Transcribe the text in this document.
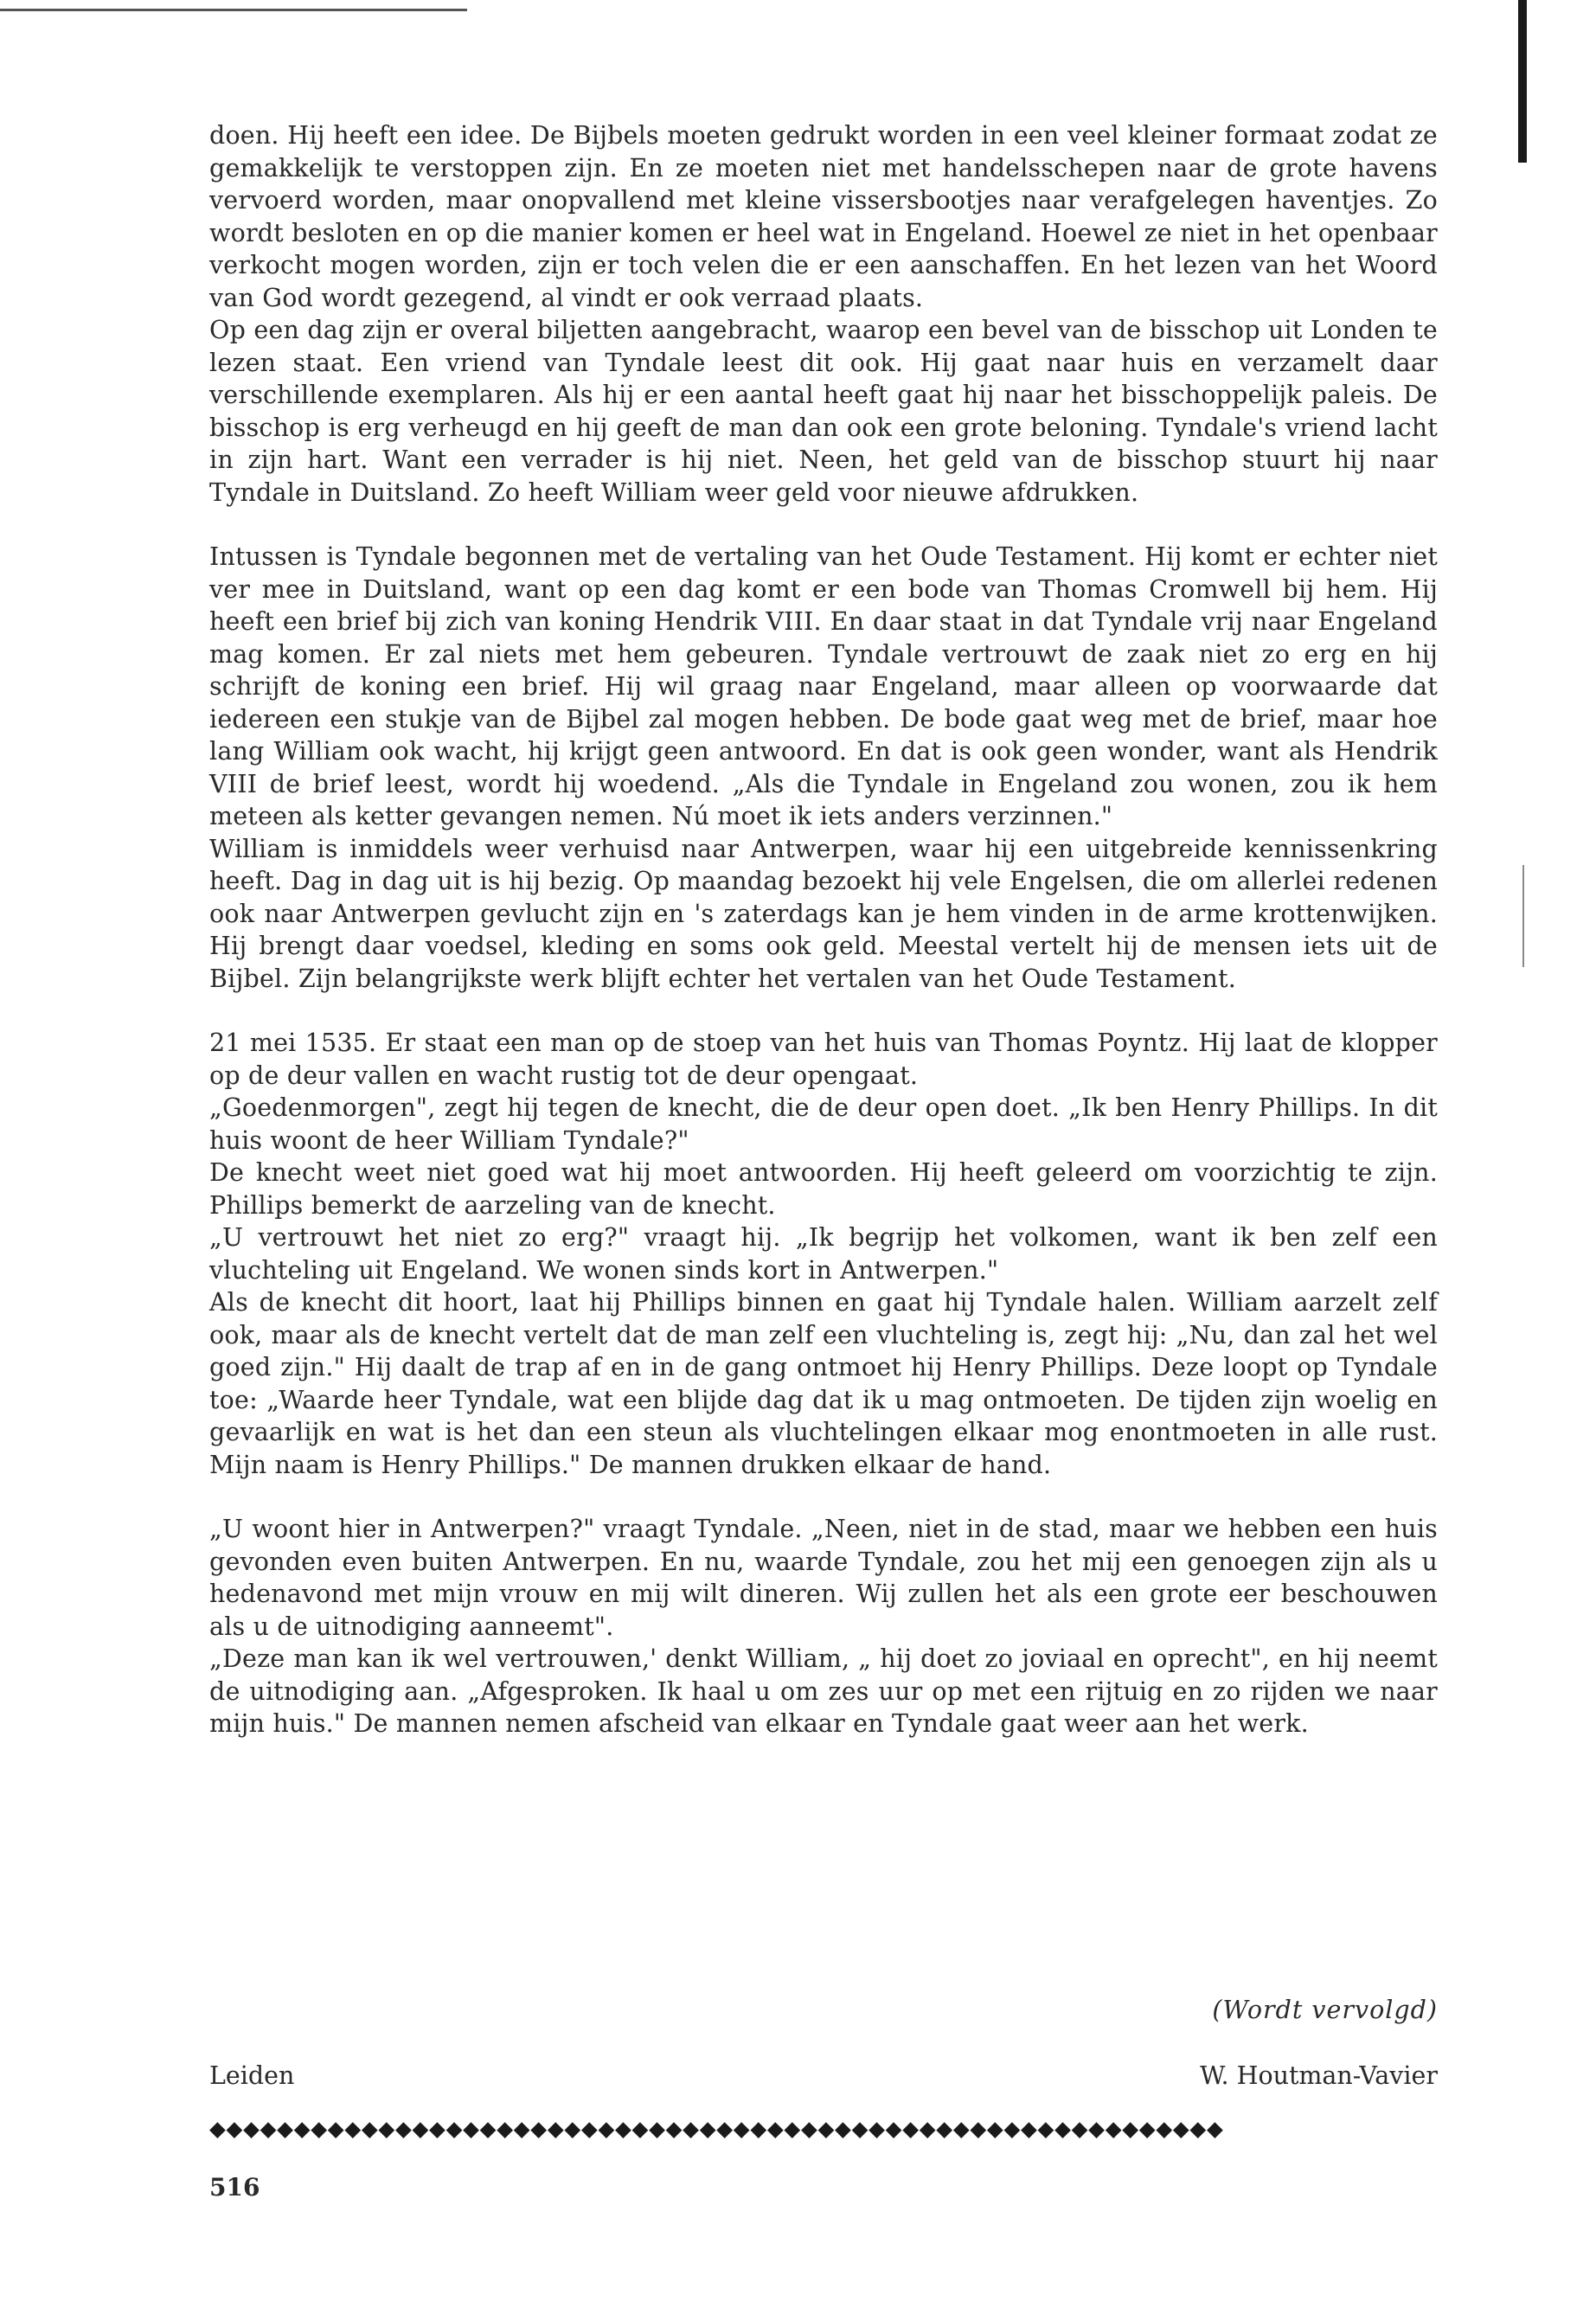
doen. Hij heeft een idee. De Bijbels moeten gedrukt worden in een veel kleiner formaat zodat ze gemakkelijk te verstoppen zijn. En ze moeten niet met handelsschepen naar de grote havens vervoerd worden, maar onopvallend met kleine vissersbootjes naar verafgelegen haventjes. Zo wordt besloten en op die manier komen er heel wat in Engeland. Hoewel ze niet in het openbaar verkocht mogen worden, zijn er toch velen die er een aanschaffen. En het lezen van het Woord van God wordt gezegend, al vindt er ook verraad plaats.

Op een dag zijn er overal biljetten aangebracht, waarop een bevel van de bisschop uit Londen te lezen staat. Een vriend van Tyndale leest dit ook. Hij gaat naar huis en verzamelt daar verschillende exemplaren. Als hij er een aantal heeft gaat hij naar het bisschoppelijk paleis. De bisschop is erg verheugd en hij geeft de man dan ook een grote beloning. Tyndale's vriend lacht in zijn hart. Want een verrader is hij niet. Neen, het geld van de bisschop stuurt hij naar Tyndale in Duitsland. Zo heeft William weer geld voor nieuwe afdrukken.

Intussen is Tyndale begonnen met de vertaling van het Oude Testament. Hij komt er echter niet ver mee in Duitsland, want op een dag komt er een bode van Thomas Cromwell bij hem. Hij heeft een brief bij zich van koning Hendrik VIII. En daar staat in dat Tyndale vrij naar Engeland mag komen. Er zal niets met hem gebeuren. Tyndale vertrouwt de zaak niet zo erg en hij schrijft de koning een brief. Hij wil graag naar Engeland, maar alleen op voorwaarde dat iedereen een stukje van de Bijbel zal mogen hebben. De bode gaat weg met de brief, maar hoe lang William ook wacht, hij krijgt geen antwoord. En dat is ook geen wonder, want als Hendrik VIII de brief leest, wordt hij woedend. „Als die Tyndale in Engeland zou wonen, zou ik hem meteen als ketter gevangen nemen. Nú moet ik iets anders verzinnen."

William is inmiddels weer verhuisd naar Antwerpen, waar hij een uitgebreide kennissenkring heeft. Dag in dag uit is hij bezig. Op maandag bezoekt hij vele Engelsen, die om allerlei redenen ook naar Antwerpen gevlucht zijn en 's zaterdags kan je hem vinden in de arme krottenwijken. Hij brengt daar voedsel, kleding en soms ook geld. Meestal vertelt hij de mensen iets uit de Bijbel. Zijn belangrijkste werk blijft echter het vertalen van het Oude Testament.

21 mei 1535. Er staat een man op de stoep van het huis van Thomas Poyntz. Hij laat de klopper op de deur vallen en wacht rustig tot de deur opengaat.

„Goedenmorgen", zegt hij tegen de knecht, die de deur open doet. „Ik ben Henry Phillips. In dit huis woont de heer William Tyndale?"

De knecht weet niet goed wat hij moet antwoorden. Hij heeft geleerd om voorzichtig te zijn. Phillips bemerkt de aarzeling van de knecht.

„U vertrouwt het niet zo erg?" vraagt hij. „Ik begrijp het volkomen, want ik ben zelf een vluchteling uit Engeland. We wonen sinds kort in Antwerpen."

Als de knecht dit hoort, laat hij Phillips binnen en gaat hij Tyndale halen. William aarzelt zelf ook, maar als de knecht vertelt dat de man zelf een vluchteling is, zegt hij: „Nu, dan zal het wel goed zijn." Hij daalt de trap af en in de gang ontmoet hij Henry Phillips. Deze loopt op Tyndale toe: „Waarde heer Tyndale, wat een blijde dag dat ik u mag ontmoeten. De tijden zijn woelig en gevaarlijk en wat is het dan een steun als vluchtelingen elkaar mog enontmoeten in alle rust. Mijn naam is Henry Phillips." De mannen drukken elkaar de hand.

„U woont hier in Antwerpen?" vraagt Tyndale. „Neen, niet in de stad, maar we hebben een huis gevonden even buiten Antwerpen. En nu, waarde Tyndale, zou het mij een genoegen zijn als u hedenavond met mijn vrouw en mij wilt dineren. Wij zullen het als een grote eer beschouwen als u de uitnodiging aanneemt".

„Deze man kan ik wel vertrouwen,' denkt William, „ hij doet zo joviaal en oprecht", en hij neemt de uitnodiging aan. „Afgesproken. Ik haal u om zes uur op met een rijtuig en zo rijden we naar mijn huis." De mannen nemen afscheid van elkaar en Tyndale gaat weer aan het werk.

(Wordt vervolgd)
Leiden	W. Houtman-Vavier
◆◆◆◆◆◆◆◆◆◆◆◆◆◆◆◆◆◆◆◆◆◆◆◆◆◆◆◆◆◆◆◆◆◆◆◆◆◆◆◆◆◆◆◆◆◆◆◆◆◆◆◆◆◆◆◆◆◆◆◆
516
